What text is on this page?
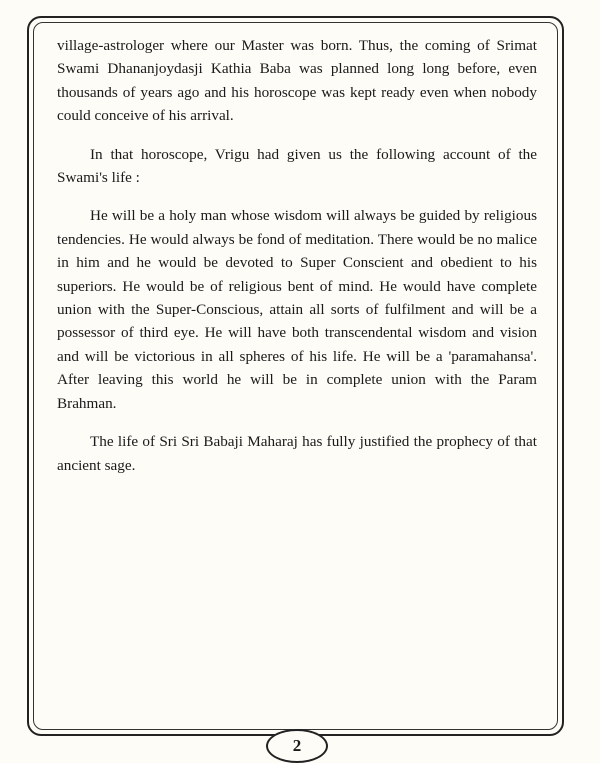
village-astrologer where our Master was born. Thus, the coming of Srimat Swami Dhananjoydasji Kathia Baba was planned long long before, even thousands of years ago and his horoscope was kept ready even when nobody could conceive of his arrival.

In that horoscope, Vrigu had given us the following account of the Swami's life :

He will be a holy man whose wisdom will always be guided by religious tendencies. He would always be fond of meditation. There would be no malice in him and he would be devoted to Super Conscient and obedient to his superiors. He would be of religious bent of mind. He would have complete union with the Super-Conscious, attain all sorts of fulfilment and will be a possessor of third eye. He will have both transcendental wisdom and vision and will be victorious in all spheres of his life. He will be a 'paramahansa'. After leaving this world he will be in complete union with the Param Brahman.

The life of Sri Sri Babaji Maharaj has fully justified the prophecy of that ancient sage.

2
